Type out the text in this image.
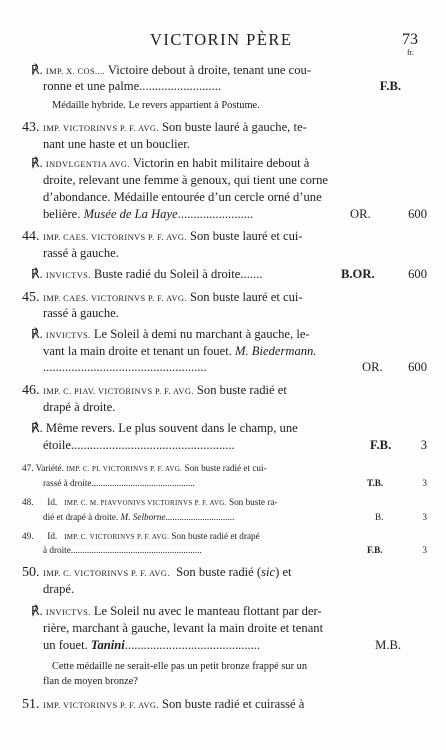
VICTORIN PÈRE	73
fr.
℟. IMP. X. COS.... Victoire debout à droite, tenant une cou-
ronne et une palme..........................	F.B.
Médaille hybride. Le revers appartient à Postume.
43. IMP. VICTORINVS P. F. AVG. Son buste lauré à gauche, te-
nant une haste et un bouclier.
℟. INDVLGENTIA AVG. Victorin en habit militaire debout à
droite, relevant une femme à genoux, qui tient une corne
d’abondance. Médaille entourée d’un cercle orné d’une
belière. Musée de La Haye........................	OR.	600
44. IMP. CAES. VICTORINVS P. F. AVG. Son buste lauré et cui-
rassé à gauche.
℟. INVICTVS. Buste radié du Soleil à droite.......	B.OR.	600
45. IMP. CAES. VICTORINVS P. F. AVG. Son buste lauré et cui-
rassé à gauche.
℟. INVICTVS. Le Soleil à demi nu marchant à gauche, le-
vant la main droite et tenant un fouet. M. Biedermann.
....................................................	OR. 600
46. IMP. C. PIAV. VICTORINVS P. F. AVG. Son buste radié et
drapé à droite.
℟. Même revers. Le plus souvent dans le champ, une
étoile....................................................	F.B.	3
47. Variété. IMP. C. PI. VICTORINVS P. F. AVG. Son buste radié et cui-
rassé à droite.............................................	T.B.	3
48.      Id.   IMP. C. M. PIAVVONIVS VICTORINVS P. F. AVG. Son buste ra-
dié et drapé à droite. M. Selborne..............................	B.	3
49.      Id.   IMP. C. VICTORINVS P. F. AVG. Son buste radié et drapé
à droite.........................................................	F.B.	3
50. IMP. C. VICTORINVS P. F. AVG.  Son buste radié (sic) et
drapé.
℟. INVICTVS. Le Soleil nu avec le manteau flottant par der-
rière, marchant à gauche, levant la main droite et tenant
un fouet. Tanini...........................................	M.B.
Cette médaille ne serait-elle pas un petit bronze frappé sur un
flan de moyen bronze?
51. IMP. VICTORINVS P. F. AVG. Son buste radié et cuirassé à
